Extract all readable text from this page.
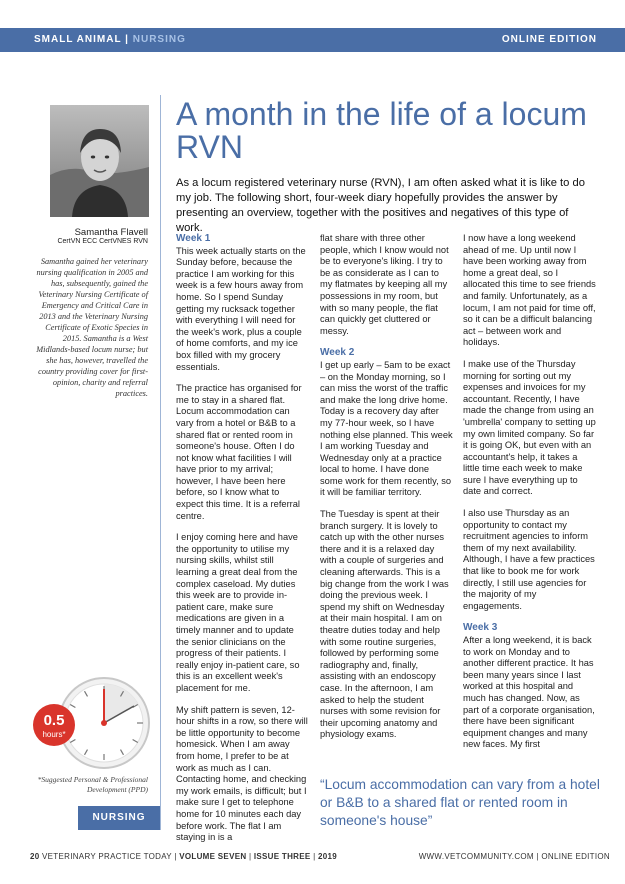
SMALL ANIMAL | NURSING	ONLINE EDITION
Samantha Flavell
CertVN ECC CertVNES RVN
Samantha gained her veterinary nursing qualification in 2005 and has, subsequently, gained the Veterinary Nursing Certificate of Emergency and Critical Care in 2013 and the Veterinary Nursing Certificate of Exotic Species in 2015. Samantha is a West Midlands-based locum nurse; but she has, however, travelled the country providing cover for first-opinion, charity and referral practices.
0.5
hours*
*Suggested Personal & Professional Development (PPD)
NURSING
A month in the life of a locum RVN
As a locum registered veterinary nurse (RVN), I am often asked what it is like to do my job. The following short, four-week diary hopefully provides the answer by presenting an overview, together with the positives and negatives of this type of work.
Week 1

This week actually starts on the Sunday before, because the practice I am working for this week is a few hours away from home. So I spend Sunday getting my rucksack together with everything I will need for the week's work, plus a couple of home comforts, and my ice box filled with my grocery essentials.

The practice has organised for me to stay in a shared flat. Locum accommodation can vary from a hotel or B&B to a shared flat or rented room in someone's house. Often I do not know what facilities I will have prior to my arrival; however, I have been here before, so I know what to expect this time. It is a referral centre.

I enjoy coming here and have the opportunity to utilise my nursing skills, whilst still learning a great deal from the complex caseload. My duties this week are to provide in-patient care, make sure medications are given in a timely manner and to update the senior clinicians on the progress of their patients. I really enjoy in-patient care, so this is an excellent week's placement for me.

My shift pattern is seven, 12-hour shifts in a row, so there will be little opportunity to become homesick. When I am away from home, I prefer to be at work as much as I can. Contacting home, and checking my work emails, is difficult; but I make sure I get to telephone home for 10 minutes each day before work. The flat I am staying in is a

flat share with three other people, which I know would not be to everyone's liking. I try to be as considerate as I can to my flatmates by keeping all my possessions in my room, but with so many people, the flat can quickly get cluttered or messy.

Week 2

I get up early – 5am to be exact – on the Monday morning, so I can miss the worst of the traffic and make the long drive home. Today is a recovery day after my 77-hour week, so I have nothing else planned. This week I am working Tuesday and Wednesday only at a practice local to home. I have done some work for them recently, so it will be familiar territory.

The Tuesday is spent at their branch surgery. It is lovely to catch up with the other nurses there and it is a relaxed day with a couple of surgeries and cleaning afterwards. This is a big change from the work I was doing the previous week. I spend my shift on Wednesday at their main hospital. I am on theatre duties today and help with some routine surgeries, followed by performing some radiography and, finally, assisting with an endoscopy case. In the afternoon, I am asked to help the student nurses with some revision for their upcoming anatomy and physiology exams.

I now have a long weekend ahead of me. Up until now I have been working away from home a great deal, so I allocated this time to see friends and family. Unfortunately, as a locum, I am not paid for time off, so it can be a difficult balancing act – between work and holidays.

I make use of the Thursday morning for sorting out my expenses and invoices for my accountant. Recently, I have made the change from using an 'umbrella' company to setting up my own limited company. So far it is going OK, but even with an accountant's help, it takes a little time each week to make sure I have everything up to date and correct.

I also use Thursday as an opportunity to contact my recruitment agencies to inform them of my next availability. Although, I have a few practices that like to book me for work directly, I still use agencies for the majority of my engagements.

Week 3

After a long weekend, it is back to work on Monday and to another different practice. It has been many years since I last worked at this hospital and much has changed. Now, as part of a corporate organisation, there have been significant equipment changes and many new faces. My first

“Locum accommodation can vary from a hotel or B&B to a shared flat or rented room in someone's house”
20 VETERINARY PRACTICE TODAY | VOLUME SEVEN | ISSUE THREE | 2019	WWW.VETCOMMUNITY.COM | ONLINE EDITION
